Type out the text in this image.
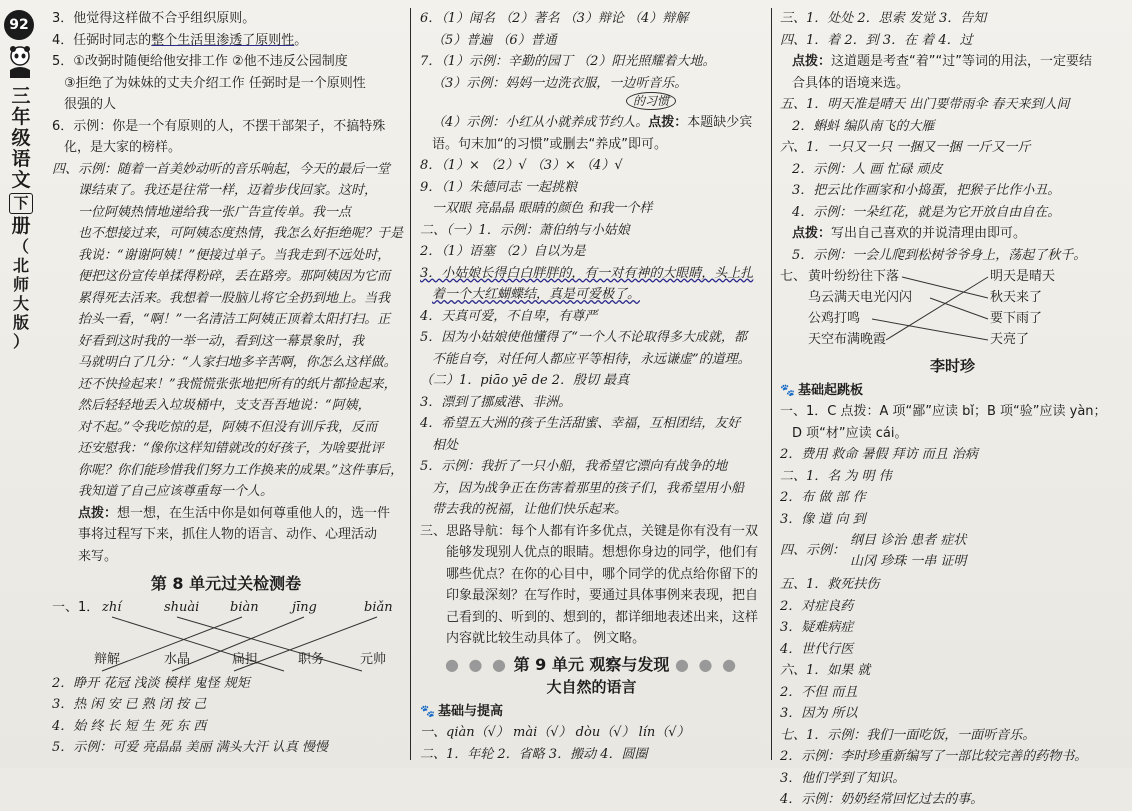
92
三
年
级
语
文
下
册
（
北
师
大
版
）

3．他觉得这样做不合乎组织原则。

4．任弼时同志的整个生活里渗透了原则性。

5．①改弼时随便给他安排工作 ②他不违反公园制度

③拒绝了为妹妹的丈夫介绍工作 任弼时是一个原则性

很强的人

6．示例：你是一个有原则的人，不摆干部架子，不搞特殊

化，是大家的榜样。

四、示例：随着一首美妙动听的音乐响起，今天的最后一堂

课结束了。我还是往常一样，迈着步伐回家。这时，

一位阿姨热情地递给我一张广告宣传单。我一点

也不想接过来，可阿姨态度热情，我怎么好拒绝呢？于是

我说：“谢谢阿姨！”便接过单子。当我走到不远处时，

便把这份宣传单揉得粉碎，丢在路旁。那阿姨因为它而

累得死去活来。我想着一股脑儿将它全扔到地上。当我

抬头一看，“啊！”一名清洁工阿姨正顶着太阳打扫。正

好看到这时我的一举一动，看到这一幕景象时，我

马就明白了几分：“人家扫地多辛苦啊，你怎么这样做。

还不快捡起来！”我慌慌张张地把所有的纸片都捡起来，

然后轻轻地丢入垃圾桶中，支支吾吾地说：“阿姨，

对不起。”令我吃惊的是，阿姨不但没有训斥我，反而

还安慰我：“像你这样知错就改的好孩子，为啥要批评

你呢？你们能珍惜我们努力工作换来的成果。”这件事后，

我知道了自己应该尊重每一个人。

点拨：想一想，在生活中你是如何尊重他人的，选一件

事将过程写下来，抓住人物的语言、动作、心理活动

来写。

第 8 单元过关检测卷

一、1． zhí	shuài biàn	jīng	biǎn
辩解	水晶	扁担	职务	元帅

2．睁开 花冠 浅淡 模样 鬼怪 规矩

3．热 闲 安 已 熟 闭 按 己

4．始 终 长 短 生 死 东 西

5．示例：可爱 亮晶晶 美丽 满头大汗 认真 慢慢

6．（1）闻名 （2）著名 （3）辩论 （4）辩解

（5）普遍 （6）普通

7．（1）示例：辛勤的园丁 （2）阳光照耀着大地。

（3）示例：妈妈一边洗衣服，一边听音乐。

的习惯

（4）示例：小红从小就养成节约人。点拨：本题缺少宾

语。句末加“的习惯”或删去“养成”即可。

8．（1）× （2）√ （3）× （4）√

9．（1）朱德同志 一起挑粮

一双眼 亮晶晶 眼睛的颜色 和我一个样

二、（一）1．示例：萧伯纳与小姑娘

2．（1）语塞 （2）自以为是

3．小姑娘长得白白胖胖的，有一对有神的大眼睛，头上扎

着一个大红蝴蝶结，真是可爱极了。

4．天真可爱，不自卑，有尊严

5．因为小姑娘使他懂得了“一个人不论取得多大成就，都

不能自夸，对任何人都应平等相待，永远谦虚”的道理。

（二）1．piāo yē de 2．殷切 最真

3．漂到了挪威港、非洲。

4．希望五大洲的孩子生活甜蜜、幸福，互相团结，友好

相处

5．示例：我折了一只小船，我希望它漂向有战争的地

方，因为战争正在伤害着那里的孩子们，我希望用小船

带去我的祝福，让他们快乐起来。

三、思路导航：每个人都有许多优点，关键是你有没有一双

能够发现别人优点的眼睛。想想你身边的同学，他们有

哪些优点？在你的心目中，哪个同学的优点给你留下的

印象最深刻？在写作时，要通过具体事例来表现，把自

己看到的、听到的、想到的，都详细地表述出来，这样

内容就比较生动具体了。 例文略。

● ● ● 第 9 单元 观察与发现 ● ● ●

大自然的语言

🐾 基础与提高

一、qiàn（√） mài（√） dòu（√） lín（√）

二、1．年轮 2．省略 3．搬动 4．圆圈

三、1．处处 2．思索 发觉 3．告知

四、1．着 2．到 3．在 着 4．过

点拨：这道题是考查“着”“过”等词的用法，一定要结

合具体的语境来选。

五、1．明天准是晴天 出门要带雨伞 春天来到人间

2．蝌蚪 编队南飞的大雁

六、1．一只又一只 一捆又一捆 一斤又一斤

2．示例：人 画 忙碌 顽皮

3．把云比作画家和小捣蛋，把猴子比作小丑。

4．示例：一朵红花，就是为它开放自由自在。

点拨：写出自己喜欢的并说清理由即可。

5．示例：一会儿爬到松树爷爷身上，荡起了秋千。

七、 黄叶纷纷往下落
乌云满天电光闪闪
公鸡打鸣
天空布满晚霞
明天是晴天
秋天来了
要下雨了
天亮了

李时珍

🐾 基础起跳板

一、1．C 点拨：A 项“鄙”应读 bǐ；B 项“验”应读 yàn；

D 项“材”应读 cái。

2．费用 救命 暑假 拜访 而且 治病

二、1．名 为 明 伟

2．布 做 部 作

3．像 道 向 到

四、示例：
纲目 诊治 患者 症状
山冈 珍珠 一串 证明

五、1．救死扶伤

2．对症良药

3．疑难病症

4．世代行医

六、1．如果 就

2．不但 而且

3．因为 所以

七、1．示例：我们一面吃饭，一面听音乐。

2．示例：李时珍重新编写了一部比较完善的药物书。

3．他们学到了知识。

4．示例：奶奶经常回忆过去的事。
